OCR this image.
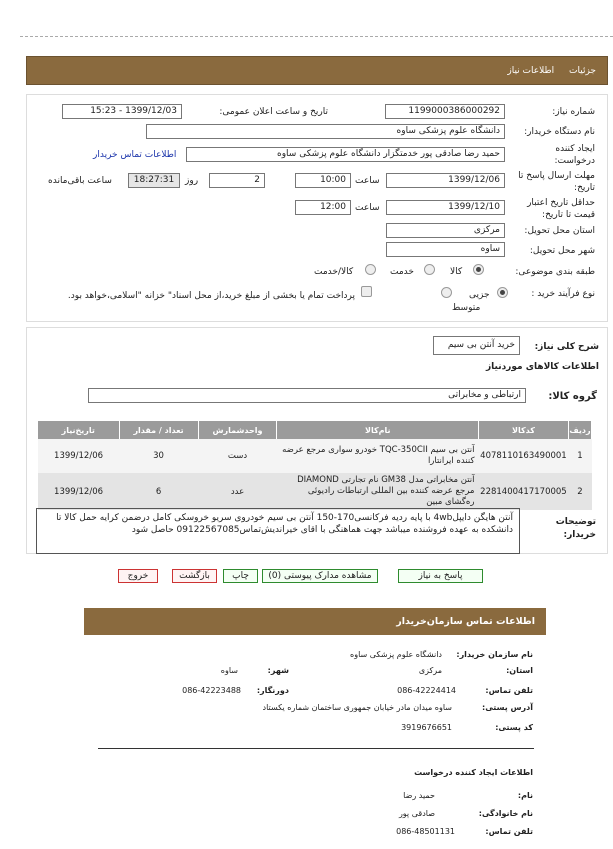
جزئیات اطلاعات نیاز
شماره نیاز:
1199000386000292
تاریخ و ساعت اعلان عمومی:
1399/12/03 - 15:23
نام دستگاه خریدار:
دانشگاه علوم پزشکی ساوه
ایجاد کننده درخواست:
حمید رضا صادقی پور خدمتگزار دانشگاه علوم پزشکی ساوه
اطلاعات تماس خریدار
مهلت ارسال پاسخ تا تاریخ:
1399/12/06
ساعت
10:00
2
روز
18:27:31
ساعت باقی‌مانده
حداقل تاریخ اعتبار قیمت تا تاریخ:
1399/12/10
ساعت
12:00
استان محل تحویل:
مرکزی
شهر محل تحویل:
ساوه
طبقه بندی موضوعی:
کالا
خدمت
کالا/خدمت
نوع فرآیند خرید :
جزیی
متوسط
پرداخت تمام یا بخشی از مبلغ خرید،از محل اسناد" خزانه "اسلامی،خواهد بود.
شرح کلی نیاز:
خرید آنتن بی سیم
اطلاعات کالاهای موردنیاز
گروه کالا:
ارتباطی و مخابراتی
ردیف	کدکالا	نام‌کالا	واحدشمارش	تعداد / مقدار	تاریخ‌نیاز
1	4078110163490001	آنتن بی سیم TQC-350CII خودرو سواری مرجع عرضه کننده ایرانتارا	دست	30	1399/12/06
2	2281400417170005	آنتن مخابراتی مدل GM38 نام تجارتی DIAMOND مرجع عرضه کننده بین المللی ارتباطات رادیوئی ره‌گشای مبین	عدد	6	1399/12/06
توضیحات خریدار:
آنتن هایگن دایپل4wb با پایه ردیه فرکانسی170-150 آنتن بی سیم خودروی سریو خروسکی کامل درضمن کرایه حمل کالا تا دانشکده به عهده فروشنده میباشد جهت هماهنگی با اقای خیراندیش‌تماس09122567085 حاصل شود
پاسخ به نیاز
مشاهده مدارک پیوستی (0)
چاپ
بازگشت
خروج
اطلاعات تماس سازمان‌خریدار
نام سازمان خریدار:
دانشگاه علوم پزشکی ساوه
استان:
مرکزی
شهر:
ساوه
تلفن تماس:
086-42224414
دورنگار:
086-42223488
آدرس پستی:
ساوه میدان مادر خیابان جمهوری ساختمان شماره یکستاد
کد پستی:
3919676651
اطلاعات ایجاد کننده درخواست
نام:
حمید رضا
نام خانوادگی:
صادقی پور
تلفن تماس:
086-48501131
